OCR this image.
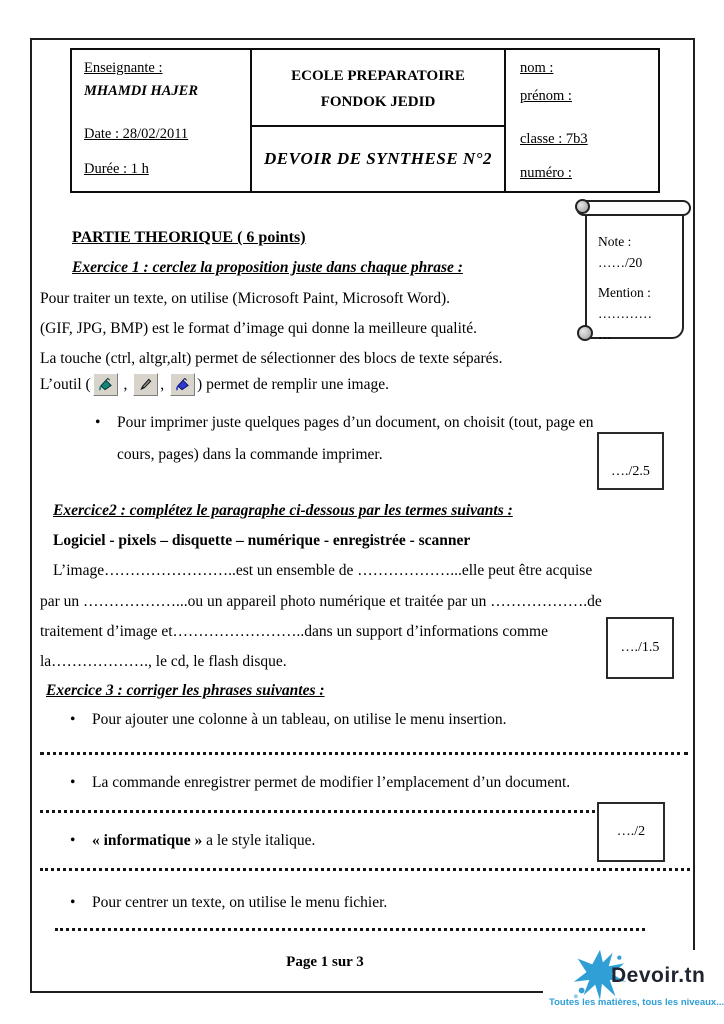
Enseignante :
MHAMDI HAJER
Date : 28/02/2011
Durée : 1 h
ECOLE PREPARATOIRE
FONDOK JEDID
DEVOIR DE SYNTHESE N°2
nom :
prénom :
classe : 7b3
numéro :
Note :
……/20
Mention :
…………
…
PARTIE THEORIQUE ( 6 points)
Exercice 1 : cerclez la proposition juste dans chaque phrase :
Pour traiter un texte, on utilise (Microsoft Paint, Microsoft Word).
(GIF, JPG, BMP) est le format d’image qui donne la meilleure qualité.
La touche (ctrl, altgr,alt) permet de sélectionner des blocs de texte séparés.
L’outil ( , , ) permet de remplir une image.
• Pour imprimer juste quelques pages d’un document, on choisit (tout, page en
cours, pages) dans la commande imprimer.
…./2.5
Exercice2 : complétez le paragraphe ci-dessous par les termes suivants :
Logiciel - pixels – disquette – numérique - enregistrée - scanner
L’image……………………..est un ensemble de ………………...elle peut être acquise
par un ………………...ou un appareil photo numérique et traitée par un ……………….de
traitement d’image et……………………..dans un support d’informations comme
la………………., le cd, le flash disque.
…./1.5
Exercice 3 : corriger les phrases suivantes :
• Pour ajouter une colonne à un tableau, on utilise le menu insertion.
• La commande enregistrer permet de modifier l’emplacement d’un document.
…./2
• « informatique » a le style italique.
• Pour centrer un texte, on utilise le menu fichier.
Page 1 sur 3
Devoir.tn
Toutes les matières, tous les niveaux...
